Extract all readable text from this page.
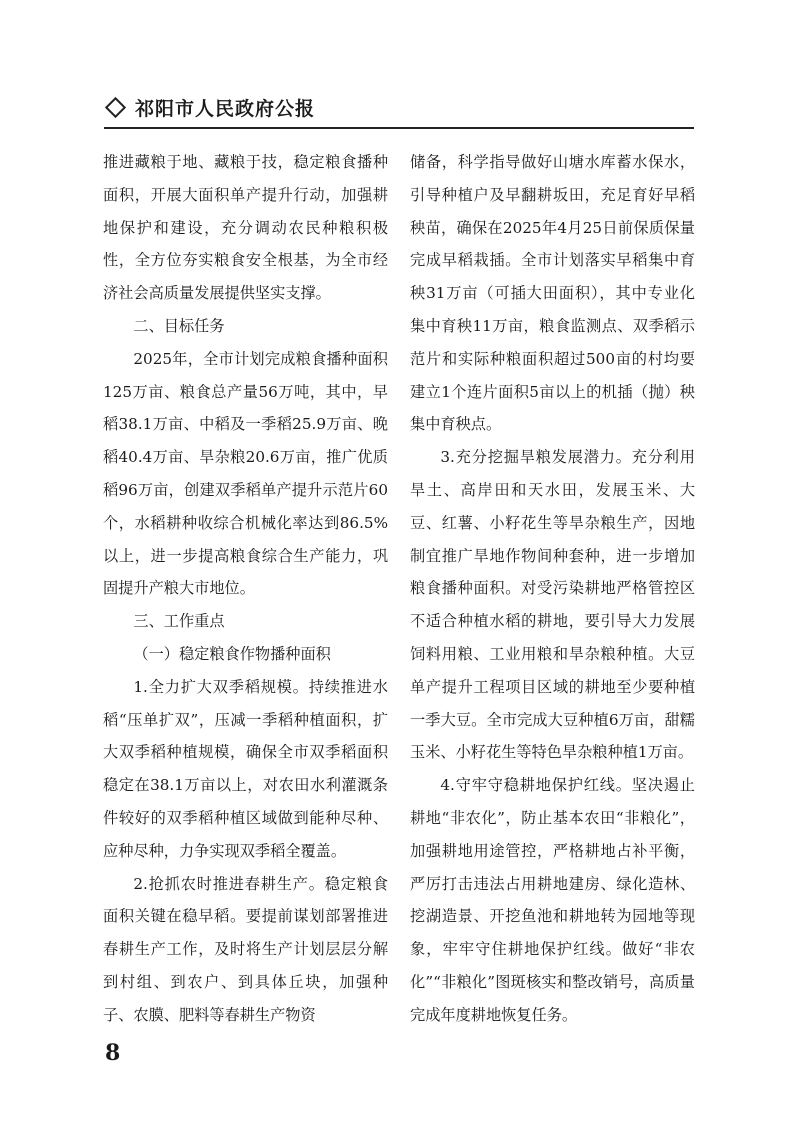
祁阳市人民政府公报

推进藏粮于地、藏粮于技，稳定粮食播种面积，开展大面积单产提升行动，加强耕地保护和建设，充分调动农民种粮积极性，全方位夯实粮食安全根基，为全市经济社会高质量发展提供坚实支撑。

二、目标任务

2025年，全市计划完成粮食播种面积125万亩、粮食总产量56万吨，其中，早稻38.1万亩、中稻及一季稻25.9万亩、晚稻40.4万亩、旱杂粮20.6万亩，推广优质稻96万亩，创建双季稻单产提升示范片60个，水稻耕种收综合机械化率达到86.5%以上，进一步提高粮食综合生产能力，巩固提升产粮大市地位。

三、工作重点

（一）稳定粮食作物播种面积

1.全力扩大双季稻规模。持续推进水稻“压单扩双”，压减一季稻种植面积，扩大双季稻种植规模，确保全市双季稻面积稳定在38.1万亩以上，对农田水利灌溉条件较好的双季稻种植区域做到能种尽种、应种尽种，力争实现双季稻全覆盖。

2.抢抓农时推进春耕生产。稳定粮食面积关键在稳早稻。要提前谋划部署推进春耕生产工作，及时将生产计划层层分解到村组、到农户、到具体丘块，加强种子、农膜、肥料等春耕生产物资

储备，科学指导做好山塘水库蓄水保水，引导种植户及早翻耕坂田，充足育好早稻秧苗，确保在2025年4月25日前保质保量完成早稻栽插。全市计划落实早稻集中育秧31万亩（可插大田面积），其中专业化集中育秧11万亩，粮食监测点、双季稻示范片和实际种粮面积超过500亩的村均要建立1个连片面积5亩以上的机插（抛）秧集中育秧点。

3.充分挖掘旱粮发展潜力。充分利用旱土、高岸田和天水田，发展玉米、大豆、红薯、小籽花生等旱杂粮生产，因地制宜推广旱地作物间种套种，进一步增加粮食播种面积。对受污染耕地严格管控区不适合种植水稻的耕地，要引导大力发展饲料用粮、工业用粮和旱杂粮种植。大豆单产提升工程项目区域的耕地至少要种植一季大豆。全市完成大豆种植6万亩，甜糯玉米、小籽花生等特色旱杂粮种植1万亩。

4.守牢守稳耕地保护红线。坚决遏止耕地“非农化”，防止基本农田“非粮化”，加强耕地用途管控，严格耕地占补平衡，严厉打击违法占用耕地建房、绿化造林、挖湖造景、开挖鱼池和耕地转为园地等现象，牢牢守住耕地保护红线。做好“非农化”“非粮化”图斑核实和整改销号，高质量完成年度耕地恢复任务。

8
